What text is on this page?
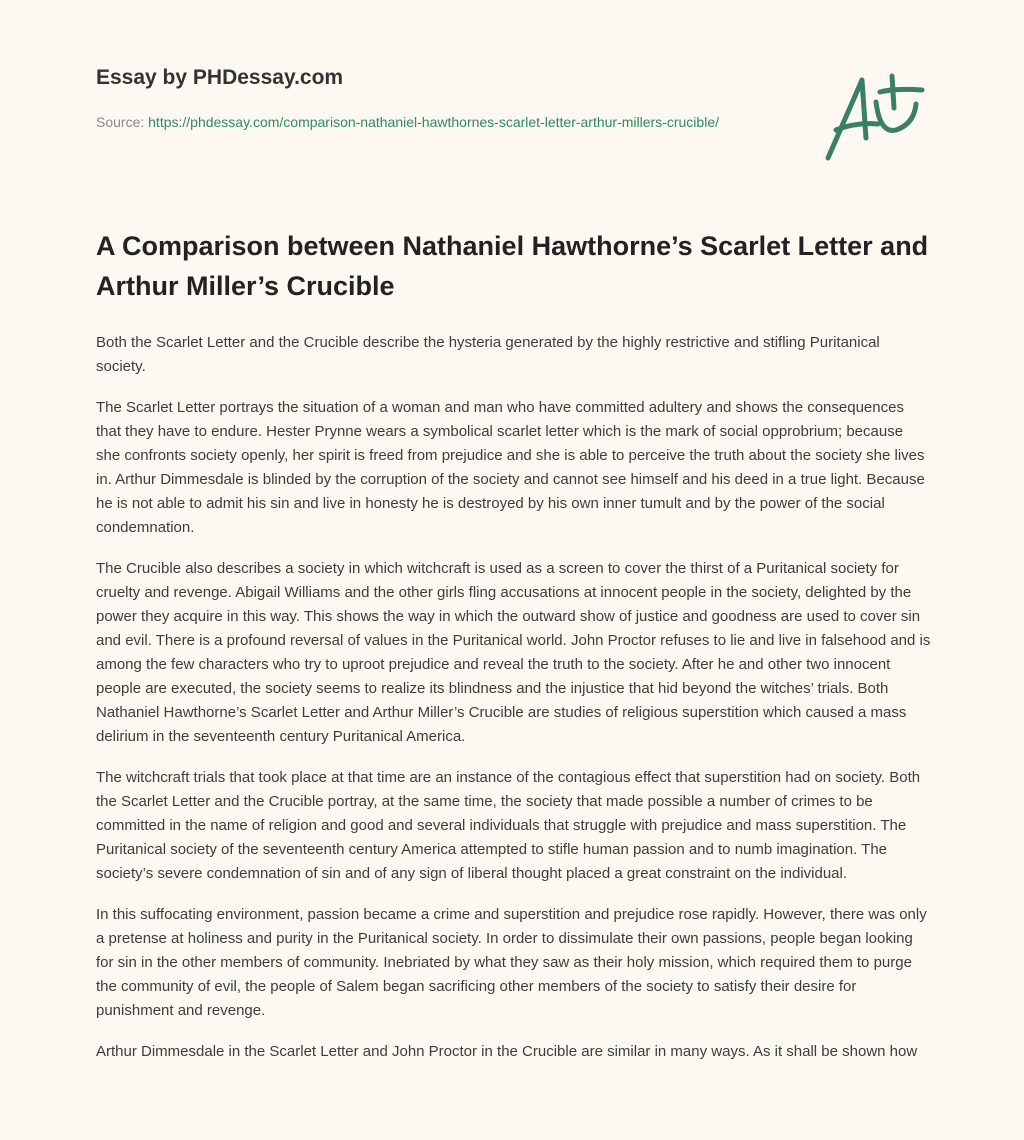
Essay by PHDessay.com

Source: https://phdessay.com/comparison-nathaniel-hawthornes-scarlet-letter-arthur-millers-crucible/
A Comparison between Nathaniel Hawthorne’s Scarlet Letter and Arthur Miller’s Crucible

Both the Scarlet Letter and the Crucible describe the hysteria generated by the highly restrictive and stifling Puritanical society.

The Scarlet Letter portrays the situation of a woman and man who have committed adultery and shows the consequences that they have to endure. Hester Prynne wears a symbolical scarlet letter which is the mark of social opprobrium; because she confronts society openly, her spirit is freed from prejudice and she is able to perceive the truth about the society she lives in. Arthur Dimmesdale is blinded by the corruption of the society and cannot see himself and his deed in a true light. Because he is not able to admit his sin and live in honesty he is destroyed by his own inner tumult and by the power of the social condemnation.

The Crucible also describes a society in which witchcraft is used as a screen to cover the thirst of a Puritanical society for cruelty and revenge. Abigail Williams and the other girls fling accusations at innocent people in the society, delighted by the power they acquire in this way. This shows the way in which the outward show of justice and goodness are used to cover sin and evil. There is a profound reversal of values in the Puritanical world. John Proctor refuses to lie and live in falsehood and is among the few characters who try to uproot prejudice and reveal the truth to the society. After he and other two innocent people are executed, the society seems to realize its blindness and the injustice that hid beyond the witches’ trials. Both Nathaniel Hawthorne’s Scarlet Letter and Arthur Miller’s Crucible are studies of religious superstition which caused a mass delirium in the seventeenth century Puritanical America.

The witchcraft trials that took place at that time are an instance of the contagious effect that superstition had on society. Both the Scarlet Letter and the Crucible portray, at the same time, the society that made possible a number of crimes to be committed in the name of religion and good and several individuals that struggle with prejudice and mass superstition. The Puritanical society of the seventeenth century America attempted to stifle human passion and to numb imagination. The society’s severe condemnation of sin and of any sign of liberal thought placed a great constraint on the individual.

In this suffocating environment, passion became a crime and superstition and prejudice rose rapidly. However, there was only a pretense at holiness and purity in the Puritanical society. In order to dissimulate their own passions, people began looking for sin in the other members of community. Inebriated by what they saw as their holy mission, which required them to purge the community of evil, the people of Salem began sacrificing other members of the society to satisfy their desire for punishment and revenge.

Arthur Dimmesdale in the Scarlet Letter and John Proctor in the Crucible are similar in many ways. As it shall be shown how
